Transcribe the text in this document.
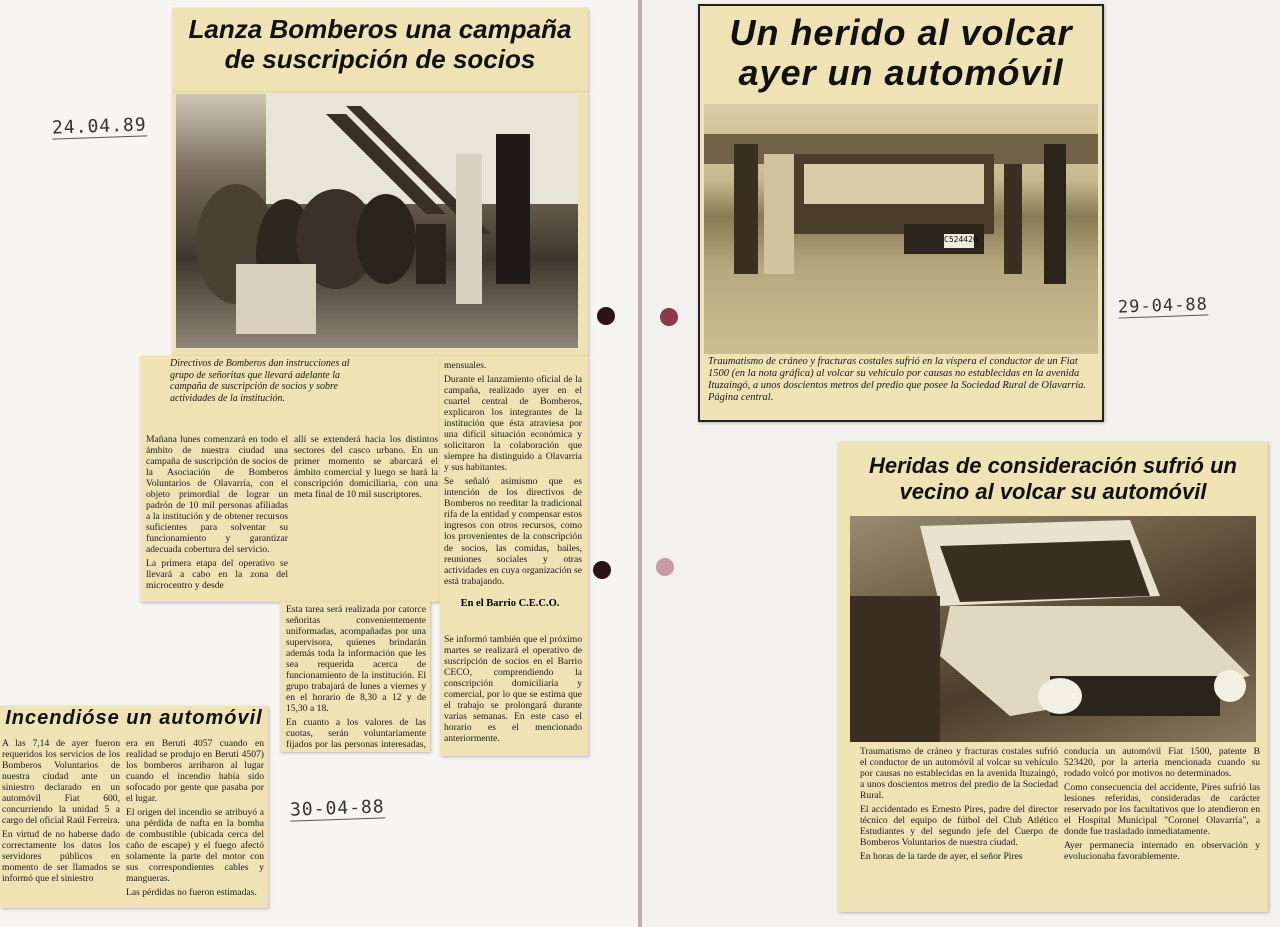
24.04.89
30-04-88
29-04-88
Lanza Bomberos una campaña
de suscripción de socios
Directivos de Bomberos dan instrucciones al grupo de señoritas que llevará adelante la campaña de suscripción de socios y sobre actividades de la institución.

Mañana lunes comenzará en todo el ámbito de nuestra ciudad una campaña de suscripción de socios de la Asociación de Bomberos Voluntarios de Olavarría, con el objeto primordial de lograr un padrón de 10 mil personas afiliadas a la institución y de obtener recursos suficientes para solventar su funcionamiento y garantizar adecuada cobertura del servicio.

La primera etapa del operativo se llevará a cabo en la zona del microcentro y desde

allí se extenderá hacia los distintos sectores del casco urbano. En un primer momento se abarcará el ámbito comercial y luego se hará la conscripción domiciliaria, con una meta final de 10 mil suscriptores.

Esta tarea será realizada por catorce señoritas convenientemente uniformadas, acompañadas por una supervisora, quienes brindarán además toda la información que les sea requerida acerca de funcionamiento de la institución. El grupo trabajará de lunes a viernes y en el horario de 8,30 a 12 y de 15,30 a 18.

En cuanto a los valores de las cuotas, serán voluntariamente fijados por las personas interesadas,

mensuales.

Durante el lanzamiento oficial de la campaña, realizado ayer en el cuartel central de Bomberos, explicaron los integrantes de la institución que ésta atraviesa por una difícil situación económica y solicitaron la colaboración que siempre ha distinguido a Olavarría y sus habitantes.

Se señaló asimismo que es intención de los directivos de Bomberos no reeditar la tradicional rifa de la entidad y compensar estos ingresos con otros recursos, como los provenientes de la conscripción de socios, las comidas, bailes, reuniones sociales y otras actividades en cuya organización se está trabajando.

En el Barrio C.E.C.O.

Se informó también que el próximo martes se realizará el operativo de suscripción de socios en el Barrio CECO, comprendiendo la conscripción domiciliaria y comercial, por lo que se estima que el trabajo se prolongará durante varias semanas. En este caso el horario es el mencionado anteriormente.

Incendióse un automóvil

A las 7,14 de ayer fueron requeridos los servicios de los Bomberos Voluntarios de nuestra ciudad ante un siniestro declarado en un automóvil Fiat 600, concurriendo la unidad 5 a cargo del oficial Raúl Ferreira.

En virtud de no haberse dado correctamente los datos los servidores públicos en momento de ser llamados se informó que el siniestro

era en Beruti 4057 cuando en realidad se produjo en Beruti 4507) los bomberos arribaron al lugar cuando el incendio había sido sofocado por gente que pasaba por el lugar.

El origen del incendio se atribuyó a una pérdida de nafta en la bomba de combustible (ubicada cerca del caño de escape) y el fuego afectó solamente la parte del motor con sus correspondientes cables y mangueras.

Las pérdidas no fueron estimadas.

Un herido al volcar
ayer un automóvil
C524420
Traumatismo de cráneo y fracturas costales sufrió en la víspera el conductor de un Fiat 1500 (en la nota gráfica) al volcar su vehículo por causas no establecidas en la avenida Ituzaingó, a unos doscientos metros del predio que posee la Sociedad Rural de Olavarría. Página central.
Heridas de consideración sufrió un
vecino al volcar su automóvil

Traumatismo de cráneo y fracturas costales sufrió el conductor de un automóvil al volcar su vehículo por causas no establecidas en la avenida Ituzaingó, a unos doscientos metros del predio de la Sociedad Rural.

El accidentado es Ernesto Pires, padre del director técnico del equipo de fútbol del Club Atlético Estudiantes y del segundo jefe del Cuerpo de Bomberos Voluntarios de nuestra ciudad.

En horas de la tarde de ayer, el señor Pires

conducía un automóvil Fiat 1500, patente B 523420, por la arteria mencionada cuando su rodado volcó por motivos no determinados.

Como consecuencia del accidente, Pires sufrió las lesiones referidas, consideradas de carácter reservado por los facultativos que lo atendieron en el Hospital Municipal "Coronel Olavarría", a donde fue trasladado inmediatamente.

Ayer permanecía internado en observación y evolucionaba favorablemente.
